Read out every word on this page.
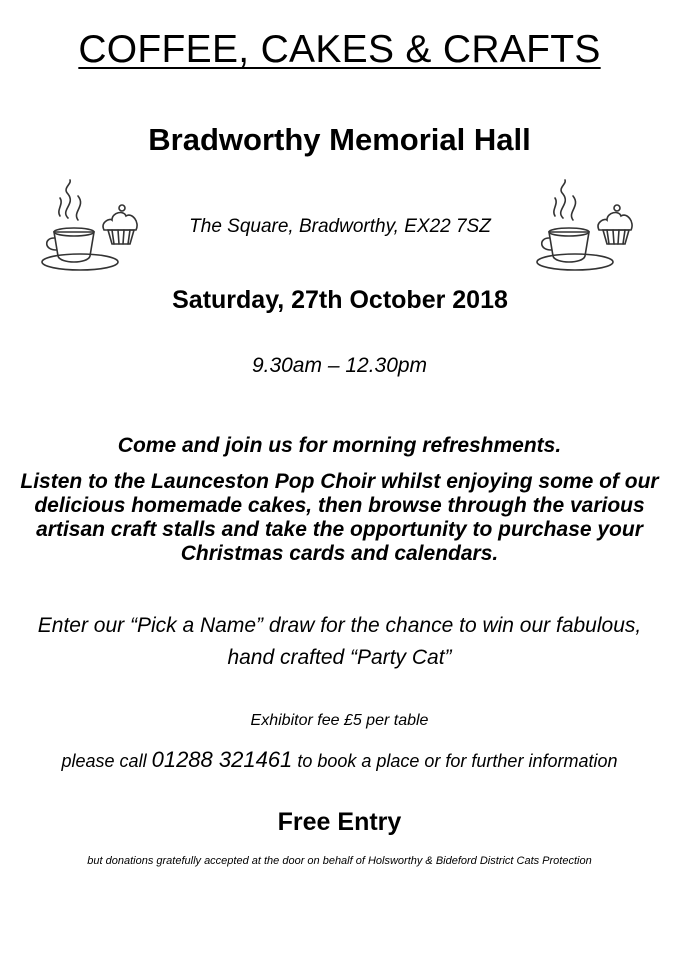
COFFEE, CAKES & CRAFTS
Bradworthy Memorial Hall
The Square, Bradworthy, EX22 7SZ
Saturday, 27th October 2018
9.30am – 12.30pm
Come and join us for morning refreshments.
Listen to the Launceston Pop Choir whilst enjoying some of our delicious homemade cakes, then browse through the various artisan craft stalls and take the opportunity to purchase your Christmas cards and calendars.
Enter our “Pick a Name” draw for the chance to win our fabulous, hand crafted “Party Cat”
Exhibitor fee £5 per table
please call 01288 321461 to book a place or for further information
Free Entry
but donations gratefully accepted at the door on behalf of Holsworthy & Bideford District Cats Protection
